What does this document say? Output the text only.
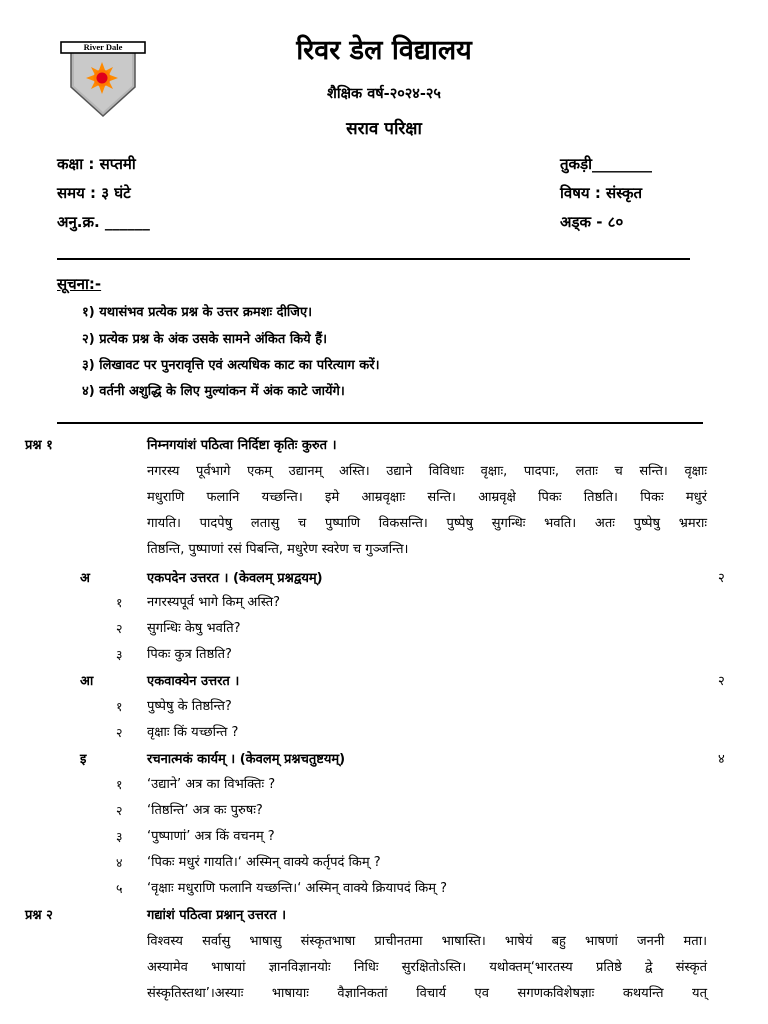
River Dale	रिवर डेल विद्यालय
शैक्षिक वर्ष-२०२४-२५
सराव परिक्षा
कक्षा : सप्तमी
समय : ३ घंटे
अनु.क्र. ______
तुकड़ी________
विषय : संस्कृत
अड्क - ८०
सूचना:-
१) यथासंभव प्रत्येक प्रश्न के उत्तर क्रमशः दीजिए।
२) प्रत्येक प्रश्न के अंक उसके सामने अंकित किये हैं।
३) लिखावट पर पुनरावृत्ति एवं अत्यधिक काट का परित्याग करें।
४) वर्तनी अशुद्धि के लिए मुल्यांकन में अंक काटे जायेंगे।
प्रश्न १	निम्नगयांशं पठित्वा निर्दिष्टा कृतिः कुरुत ।
नगरस्य पूर्वभागे एकम् उद्यानम् अस्ति। उद्याने विविधाः वृक्षाः, पादपाः, लताः च सन्ति। वृक्षाः
मधुराणि फलानि यच्छन्ति। इमे आम्रवृक्षाः सन्ति। आम्रवृक्षे पिकः तिष्ठति। पिकः मधुरं
गायति। पादपेषु लतासु च पुष्पाणि विकसन्ति। पुष्पेषु सुगन्धिः भवति। अतः पुष्पेषु भ्रमराः
तिष्ठन्ति, पुष्पाणां रसं पिबन्ति, मधुरेण स्वरेण च गुञ्जन्ति।
अ	एकपदेन उत्तरत । (केवलम् प्रश्नद्वयम्)	२
१ नगरस्यपूर्व भागे किम् अस्ति?
२ सुगन्धिः केषु भवति?
३ पिकः कुत्र तिष्ठति?
आ	एकवाक्येन उत्तरत ।	२
१ पुष्पेषु के तिष्ठन्ति?
२ वृक्षाः किं यच्छन्ति ?
इ	रचनात्मकं कार्यम् । (केवलम् प्रश्नचतुष्टयम्)	४
१ ‘उद्याने’ अत्र का विभक्तिः ?
२ ‘तिष्ठन्ति’ अत्र कः पुरुषः?
३ ‘पुष्पाणां’ अत्र किं वचनम् ?
४ ‘पिकः मधुरं गायति।‘ अस्मिन् वाक्ये कर्तृपदं किम् ?
५ ‘वृक्षाः मधुराणि फलानि यच्छन्ति।‘ अस्मिन् वाक्ये क्रियापदं किम् ?
प्रश्न २	गद्यांशं पठित्वा प्रश्नान् उत्तरत ।
विश्वस्य सर्वासु भाषासु संस्कृतभाषा प्राचीनतमा भाषास्ति। भाषेयं बहु भाषणां जननी मता।
अस्यामेव भाषायां ज्ञानविज्ञानयोः निधिः सुरक्षितोऽस्ति। यथोक्तम्‘भारतस्य प्रतिष्ठे द्वे संस्कृतं
संस्कृतिस्तथा’।अस्याः भाषायाः वैज्ञानिकतां विचार्य एव सगणकविशेषज्ञाः कथयन्ति यत्
